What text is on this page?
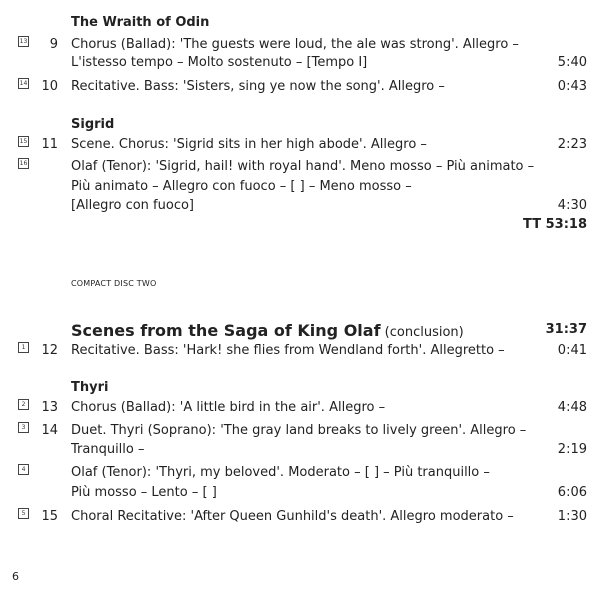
The Wraith of Odin
13	9 Chorus (Ballad): 'The guests were loud, the ale was strong'. Allegro –
L'istesso tempo – Molto sostenuto – [Tempo I]	5:40
14 10 Recitative. Bass: 'Sisters, sing ye now the song'. Allegro –	0:43
Sigrid
15 11 Scene. Chorus: 'Sigrid sits in her high abode'. Allegro –	2:23
16	Olaf (Tenor): 'Sigrid, hail! with royal hand'. Meno mosso – Più animato –
Più animato – Allegro con fuoco – [ ] – Meno mosso –
[Allegro con fuoco]	4:30
TT 53:18
COMPACT DISC TWO
Scenes from the Saga of King Olaf (conclusion)	31:37
1 12 Recitative. Bass: 'Hark! she flies from Wendland forth'. Allegretto –	0:41
Thyri
2 13 Chorus (Ballad): 'A little bird in the air'. Allegro –	4:48
3 14 Duet. Thyri (Soprano): 'The gray land breaks to lively green'. Allegro –
Tranquillo –	2:19
4	Olaf (Tenor): 'Thyri, my beloved'. Moderato – [ ] – Più tranquillo –
Più mosso – Lento – [ ]	6:06
5 15 Choral Recitative: 'After Queen Gunhild's death'. Allegro moderato –	1:30
6
